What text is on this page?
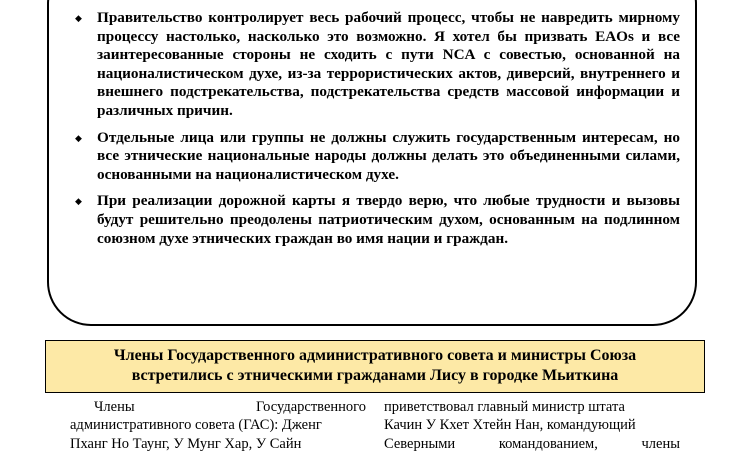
◆ Правительство контролирует весь рабочий процесс, чтобы не навредить мирному процессу настолько, насколько это возможно. Я хотел бы призвать EAOs и все заинтересованные стороны не сходить с пути NCA с совестью, основанной на националистическом духе, из-за террористических актов, диверсий, внутреннего и внешнего подстрекательства, подстрекательства средств массовой информации и различных причин.
◆ Отдельные лица или группы не должны служить государственным интересам, но все этнические национальные народы должны делать это объединенными силами, основанными на националистическом духе.
◆ При реализации дорожной карты я твердо верю, что любые трудности и вызовы будут решительно преодолены патриотическим духом, основанным на подлинном союзном духе этнических граждан во имя нации и граждан.
Члены Государственного административного совета и министры Союза
встретились с этническими гражданами Лису в городке Мьиткина
Члены	Государственного
административного совета (ГАС): Дженг
Пханг Но Таунг, У Мунг Хар, У Сайн
приветствовал главный министр штата
Качин У Кхет Хтейн Нан, командующий
Северными	командованием,	члены
